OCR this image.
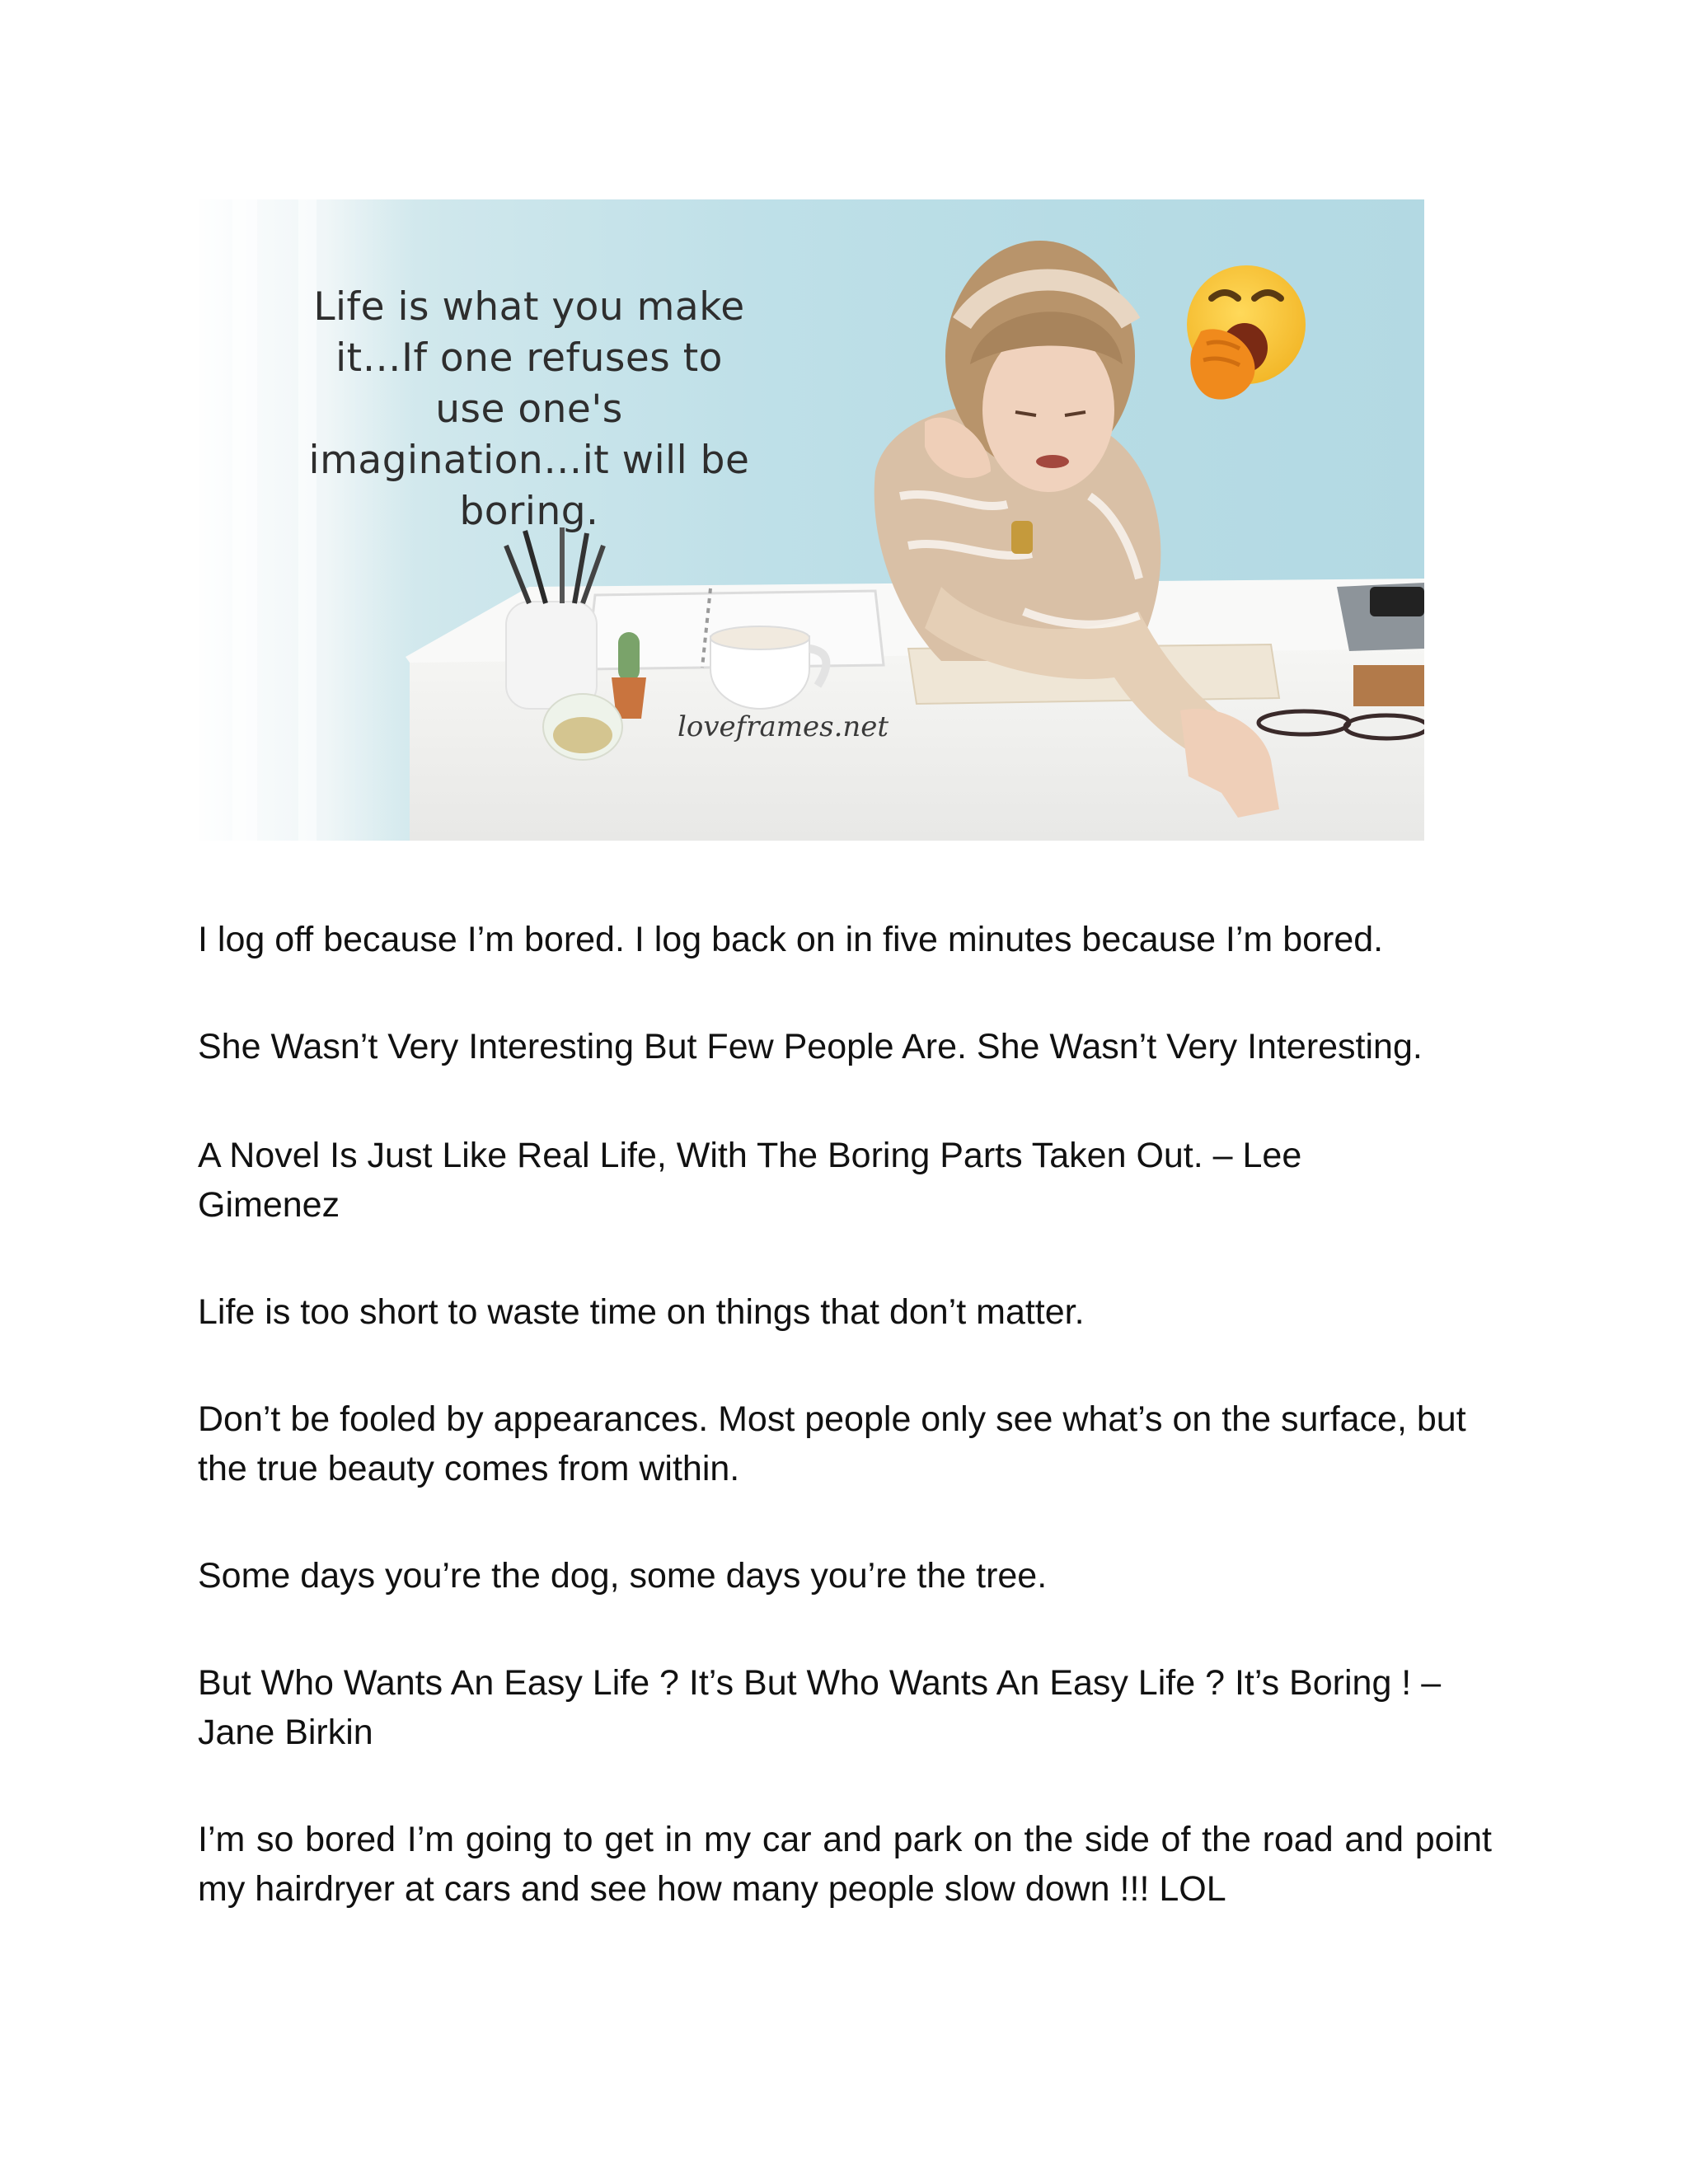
Life is what you make it…If one refuses to use one's imagination…it will be boring.
loveframes.net

I log off because I’m bored. I log back on in five minutes because I’m bored.

She Wasn’t Very Interesting But Few People Are. She Wasn’t Very Interesting.

A Novel Is Just Like Real Life, With The Boring Parts Taken Out. – Lee Gimenez

Life is too short to waste time on things that don’t matter.

Don’t be fooled by appearances. Most people only see what’s on the surface, but the true beauty comes from within.

Some days you’re the dog, some days you’re the tree.

But Who Wants An Easy Life ? It’s But Who Wants An Easy Life ? It’s Boring ! – Jane Birkin

I’m so bored I’m going to get in my car and park on the side of the road and point my hairdryer at cars and see how many people slow down !!! LOL
